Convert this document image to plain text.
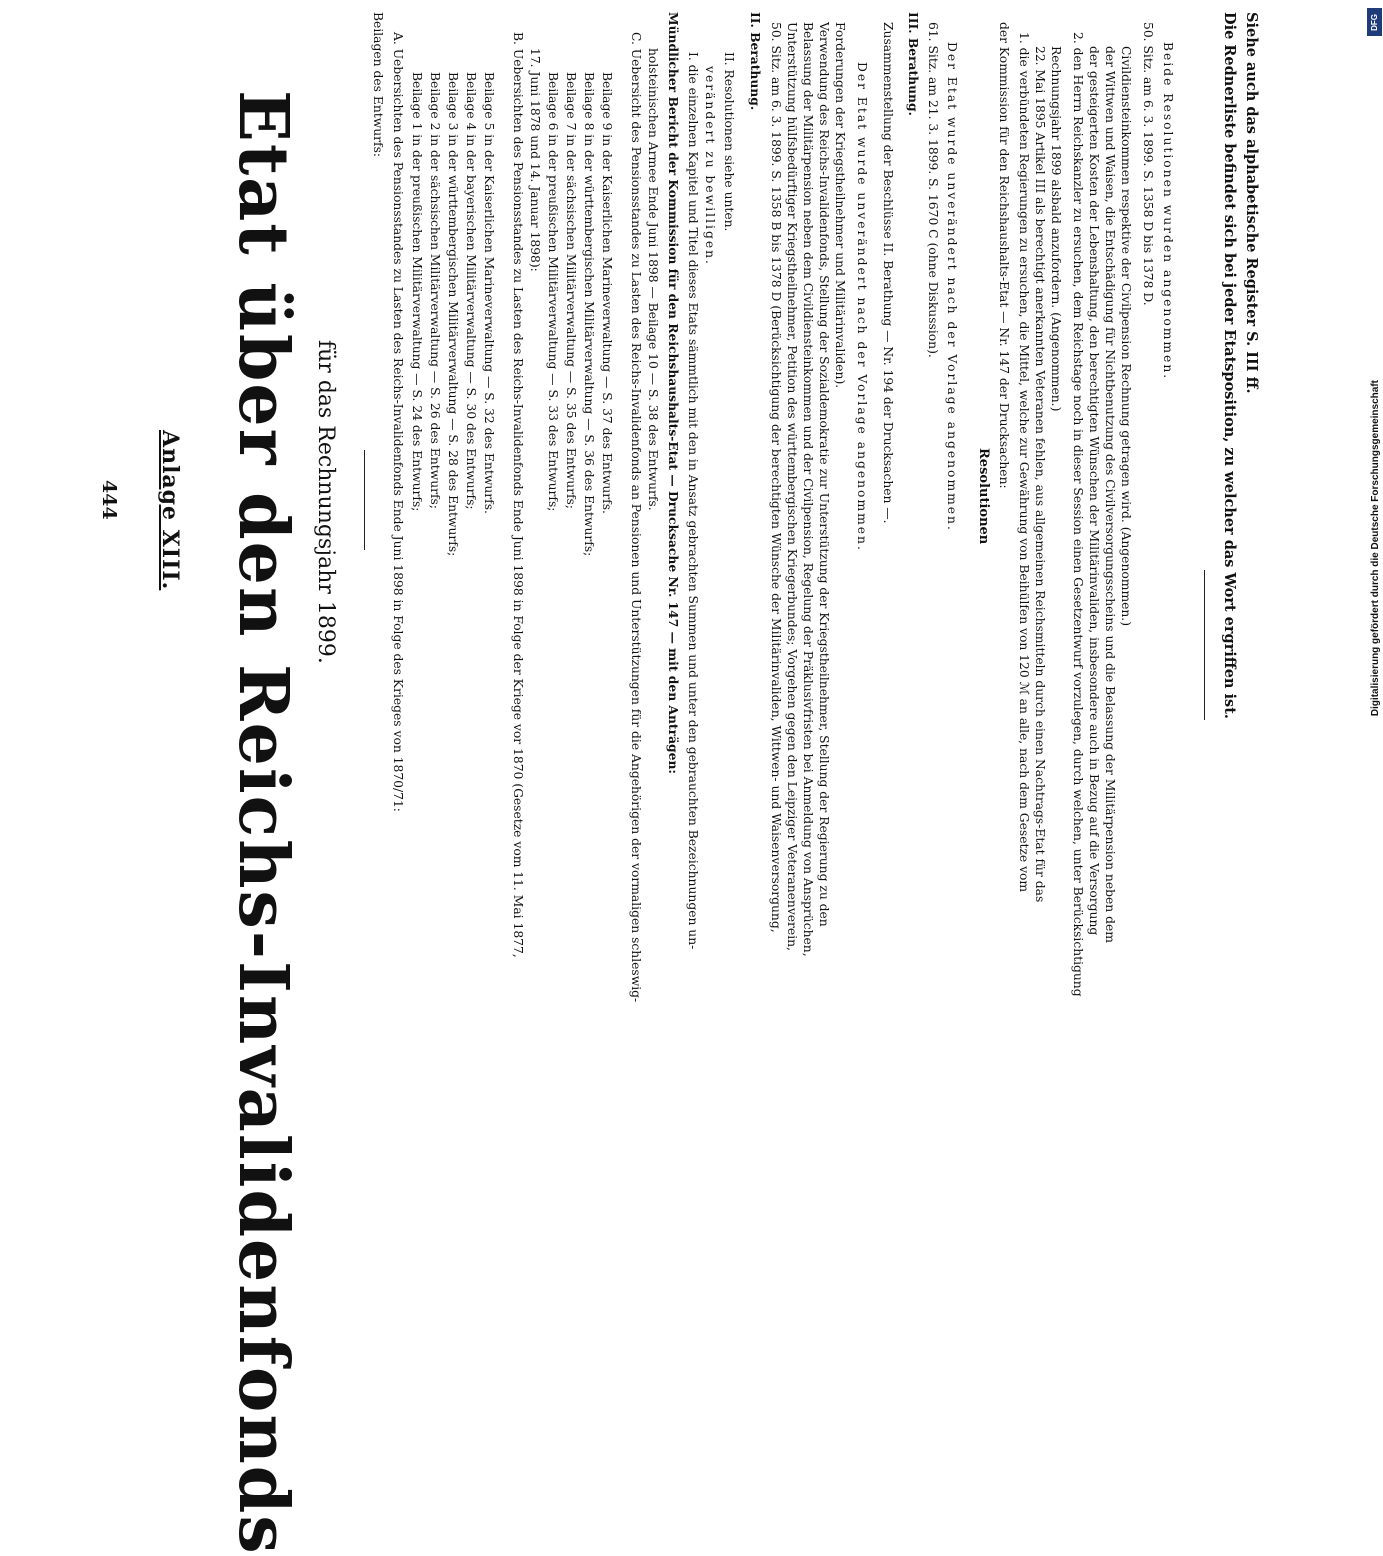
444 Anlage XIII. Etat über den Reichs-Invalidenfonds für das Rechnungsjahr 1899.
Beilagen des Entwurfs: A. Uebersichten des Pensionsstandes zu Lasten des Reichs-Invalidenfonds Ende Juni 1898 in Folge des Krieges von 1870/71: Beilage 1 in der preußischen Militärverwaltung — S. 24 des Entwurfs; Beilage 2 in der sächsischen Militärverwaltung — S. 26 des Entwurfs; Beilage 3 in der württembergischen Militärverwaltung — S. 28 des Entwurfs; Beilage 4 in der bayerischen Militärverwaltung — S. 30 des Entwurfs; Beilage 5 in der Kaiserlichen Marineverwaltung — S. 32 des Entwurfs. B. Uebersichten des Pensionsstandes zu Lasten des Reichs-Invalidenfonds Ende Juni 1898 in Folge der Kriege vor 1870 (Gesetze vom 11. Mai 1877, 17. Juni 1878 und 14. Januar 1898): Beilage 6 in der preußischen Militärverwaltung — S. 33 des Entwurfs; Beilage 7 in der sächsischen Militärverwaltung — S. 35 des Entwurfs; Beilage 8 in der württembergischen Militärverwaltung — S. 36 des Entwurfs; Beilage 9 in der Kaiserlichen Marineverwaltung — S. 37 des Entwurfs. C. Uebersicht des Pensionsstandes zu Lasten des Reichs-Invalidenfonds an Pensionen und Unterstützungen für die Angehörigen der vormaligen schleswig- holsteinischen Armee Ende Juni 1898 — Beilage 10 — S. 38 des Entwurfs. Mündlicher Bericht der Kommission für den Reichshaushalts-Etat — Drucksache Nr. 147 — mit den Anträgen: I. die einzelnen Kapitel und Titel dieses Etats sämmtlich mit den in Ansatz gebrachten Summen und unter den gebrauchten Bezeichnungen un- verändert zu bewilligen. II. Resolutionen siehe unten. II. Berathung. 50. Sitz. am 6. 3. 1899. S. 1358 B bis 1378 D (Berücksichtigung der berechtigten Wünsche der Militärinvaliden, Wittwen- und Waisenversorgung, Unterstützung hülfsbedürftiger Kriegstheilnehmer, Petition des württembergischen Kriegerbundes; Vorgehen gegen den Leipziger Veteranenverein, Belassung der Militärpension neben dem Civildiensteinkommen und der Civilpension, Regelung der Präklusivfristen bei Anmeldung von Ansprüchen, Verwendung des Reichs-Invalidenfonds, Stellung der Sozialdemokratie zur Unterstützung der Kriegstheilnehmer, Stellung der Regierung zu den Forderungen der Kriegstheilnehmer und Militärinvaliden). Der Etat wurde unverändert nach der Vorlage angenommen. Zusammenstellung der Beschlüsse II. Berathung — Nr. 194 der Drucksachen —. III. Berathung. 61. Sitz. am 21. 3. 1899. S. 1670 C (ohne Diskussion). Der Etat wurde unverändert nach der Vorlage angenommen. Resolutionen
der Kommission für den Reichshaushalts-Etat — Nr. 147 der Drucksachen: 1. die verbündeten Regierungen zu ersuchen, die Mittel, welche zur Gewährung von Beihülfen von 120 ℳ an alle, nach dem Gesetze vom 22. Mai 1895 Artikel III als berechtigt anerkannten Veteranen fehlen, aus allgemeinen Reichsmitteln durch einen Nachtrags-Etat für das Rechnungsjahr 1899 alsbald anzufordern. (Angenommen.) 2. den Herrn Reichskanzler zu ersuchen, dem Reichstage noch in dieser Session einen Gesetzentwurf vorzulegen, durch welchen, unter Berücksichtigung der gesteigerten Kosten der Lebenshaltung, den berechtigten Wünschen der Militärinvaliden, insbesondere auch in Bezug auf die Versorgung der Wittwen und Waisen, die Entschädigung für Nichtbenutzung des Civilversorgungsscheins und die Belassung der Militärpension neben dem Civildiensteinkommen respektive der Civilpension Rechnung getragen wird. (Angenommen.) 50. Sitz. am 6. 3. 1899. S. 1358 D bis 1378 D. Beide Resolutionen wurden angenommen.	Die Rednerliste befindet sich bei jeder Etatsposition, zu welcher das Wort ergriffen ist. Siehe auch das alphabetische Register S. III ff.	DFG
Digitalisierung gefördert durch die Deutsche Forschungsgemeinschaft
